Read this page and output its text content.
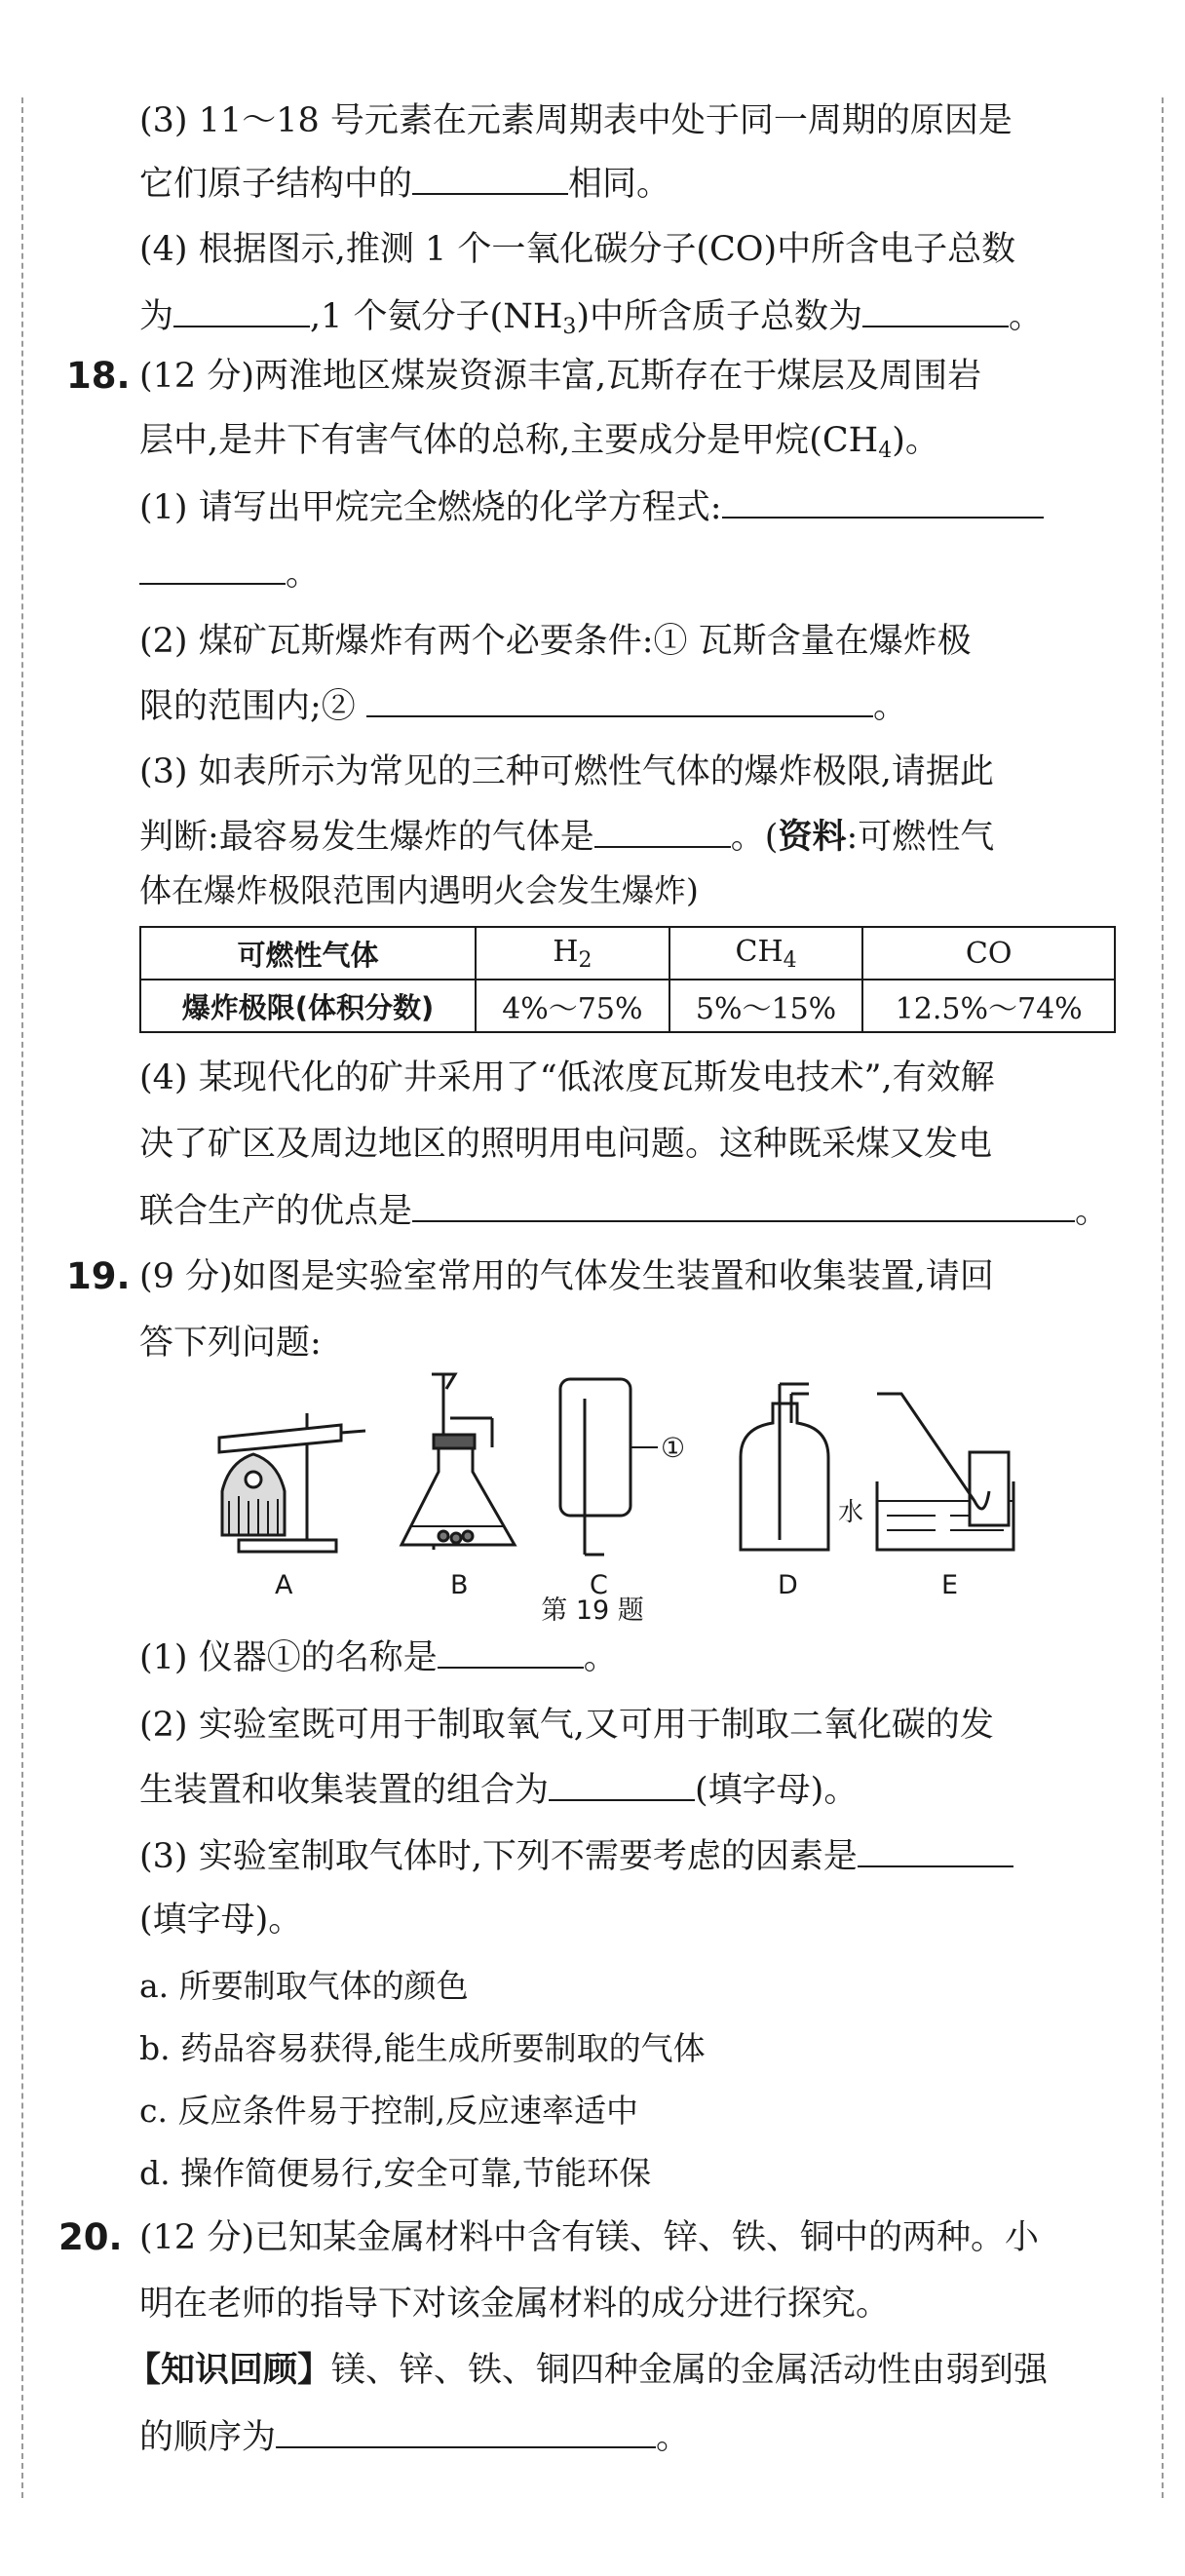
(3) 11～18 号元素在元素周期表中处于同一周期的原因是
它们原子结构中的	相同。
(4) 根据图示,推测 1 个一氧化碳分子(CO)中所含电子总数
为	,1 个氨分子$(NH_3)$中所含质子总数为	。
18. (12 分)两淮地区煤炭资源丰富,瓦斯存在于煤层及周围岩
层中,是井下有害气体的总称,主要成分是甲烷$(CH_4)$。
(1) 请写出甲烷完全燃烧的化学方程式:
。
(2) 煤矿瓦斯爆炸有两个必要条件:① 瓦斯含量在爆炸极
限的范围内;②	。
(3) 如表所示为常见的三种可燃性气体的爆炸极限,请据此
判断:最容易发生爆炸的气体是	。(资料:可燃性气
体在爆炸极限范围内遇明火会发生爆炸)
可燃性气体	$H_2$	$CH_4$	CO
爆炸极限(体积分数)	4%～75%	5%～15%	12.5%～74%
(4) 某现代化的矿井采用了“低浓度瓦斯发电技术”,有效解
决了矿区及周边地区的照明用电问题。这种既采煤又发电
联合生产的优点是	。
19. (9 分)如图是实验室常用的气体发生装置和收集装置,请回
答下列问题:
①
水
A	B	C	D	E
第 19 题
(1) 仪器①的名称是	。
(2) 实验室既可用于制取氧气,又可用于制取二氧化碳的发
生装置和收集装置的组合为	(填字母)。
(3) 实验室制取气体时,下列不需要考虑的因素是
(填字母)。
a. 所要制取气体的颜色
b. 药品容易获得,能生成所要制取的气体
c. 反应条件易于控制,反应速率适中
d. 操作简便易行,安全可靠,节能环保
20. (12 分)已知某金属材料中含有镁、锌、铁、铜中的两种。小
明在老师的指导下对该金属材料的成分进行探究。
【知识回顾】镁、锌、铁、铜四种金属的金属活动性由弱到强
的顺序为	。
